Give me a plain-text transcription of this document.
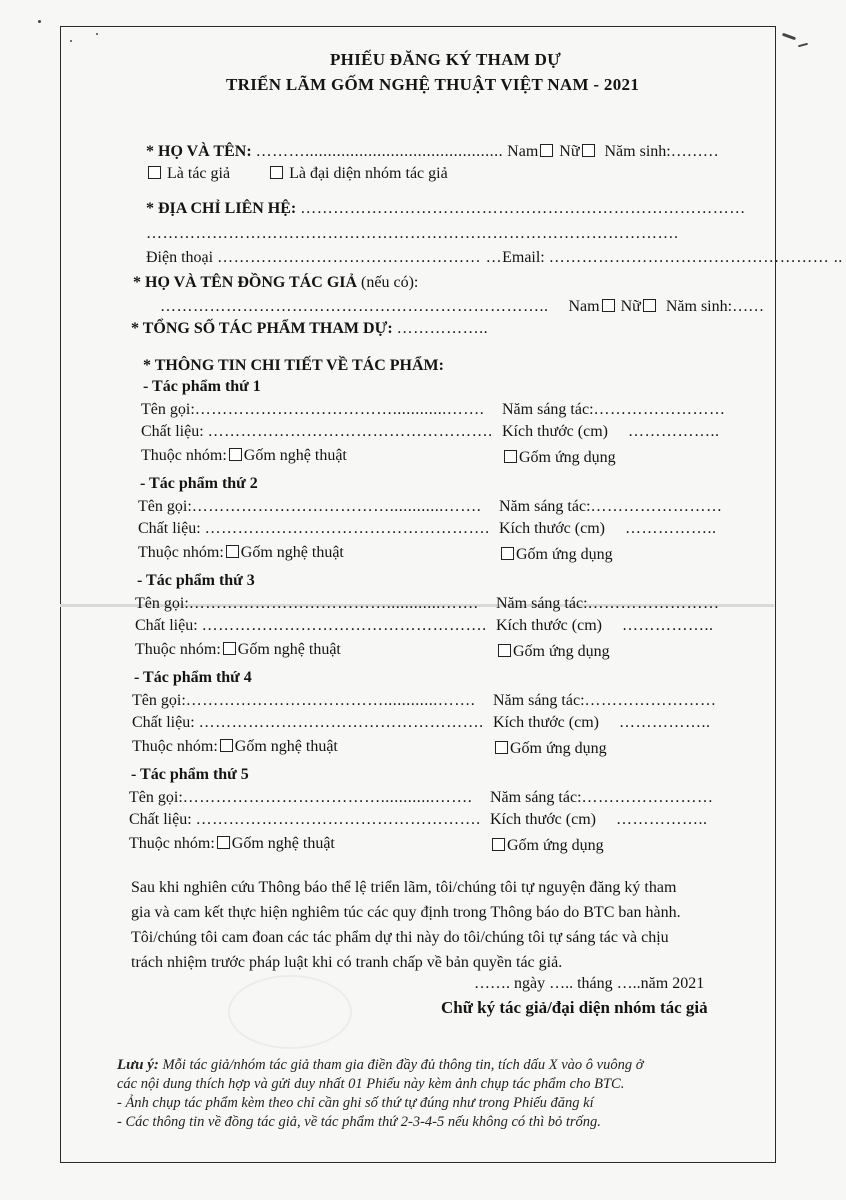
PHIẾU ĐĂNG KÝ THAM DỰ
TRIỂN LÃM GỐM NGHỆ THUẬT VIỆT NAM - 2021
* HỌ VÀ TÊN: ………............................................ Nam Nữ Năm sinh:………
Là tác giả	Là đại diện nhóm tác giả
* ĐỊA CHỈ LIÊN HỆ: ………………………………………………………………………
…………………………………………………………………………………….
Điện thoại ………………………………………… …Email: …………………………………………… ..
* HỌ VÀ TÊN ĐỒNG TÁC GIẢ (nếu có):
…………………………………………………………….. Nam Nữ Năm sinh:……
* TỔNG SỐ TÁC PHẨM THAM DỰ: ……………..
* THÔNG TIN CHI TIẾT VỀ TÁC PHẨM:
- Tác phẩm thứ 1
Tên gọi:………………………………............……. Năm sáng tác:……………………
Chất liệu: ……………………………………………. Kích thước (cm) ……………..
Thuộc nhóm: Gốm nghệ thuật	Gốm ứng dụng
- Tác phẩm thứ 2
Tên gọi:………………………………............……. Năm sáng tác:……………………
Chất liệu: ……………………………………………. Kích thước (cm) ……………..
Thuộc nhóm: Gốm nghệ thuật	Gốm ứng dụng
- Tác phẩm thứ 3
Tên gọi:………………………………............……. Năm sáng tác:……………………
Chất liệu: ……………………………………………. Kích thước (cm) ……………..
Thuộc nhóm: Gốm nghệ thuật	Gốm ứng dụng
- Tác phẩm thứ 4
Tên gọi:………………………………............……. Năm sáng tác:……………………
Chất liệu: ……………………………………………. Kích thước (cm) ……………..
Thuộc nhóm: Gốm nghệ thuật	Gốm ứng dụng
- Tác phẩm thứ 5
Tên gọi:………………………………............……. Năm sáng tác:……………………
Chất liệu: ……………………………………………. Kích thước (cm) ……………..
Thuộc nhóm: Gốm nghệ thuật	Gốm ứng dụng
Sau khi nghiên cứu Thông báo thể lệ triển lãm, tôi/chúng tôi tự nguyện đăng ký tham
gia và cam kết thực hiện nghiêm túc các quy định trong Thông báo do BTC ban hành.
Tôi/chúng tôi cam đoan các tác phẩm dự thi này do tôi/chúng tôi tự sáng tác và chịu
trách nhiệm trước pháp luật khi có tranh chấp về bản quyền tác giả.
……. ngày ….. tháng …..năm 2021
Chữ ký tác giả/đại diện nhóm tác giả
Lưu ý: Mỗi tác giả/nhóm tác giả tham gia điền đầy đủ thông tin, tích dấu X vào ô vuông ở
các nội dung thích hợp và gửi duy nhất 01 Phiếu này kèm ảnh chụp tác phẩm cho BTC.
- Ảnh chụp tác phẩm kèm theo chỉ cần ghi số thứ tự đúng như trong Phiếu đăng kí
- Các thông tin về đồng tác giả, về tác phẩm thứ 2-3-4-5 nếu không có thì bỏ trống.
